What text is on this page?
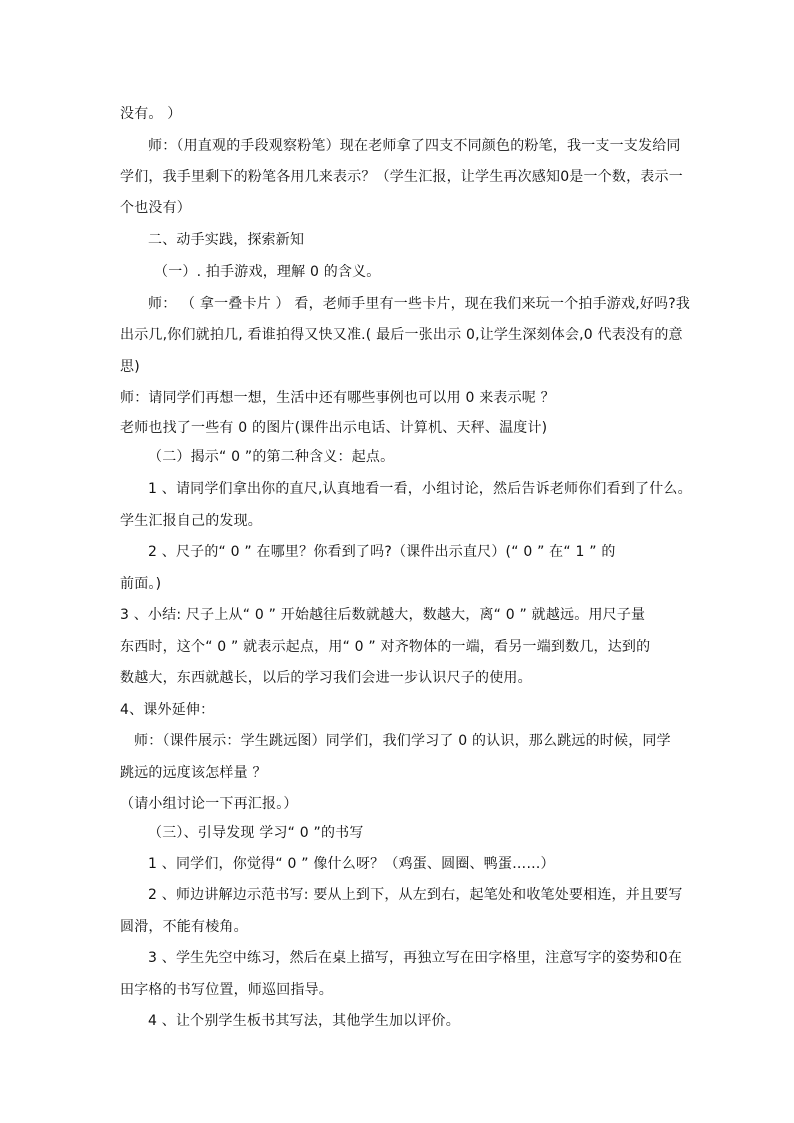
没有。 ）
师：（用直观的手段观察粉笔）现在老师拿了四支不同颜色的粉笔，我一支一支发给同
学们，我手里剩下的粉笔各用几来表示？（学生汇报，让学生再次感知0是一个数，表示一
个也没有）
二、动手实践，探索新知
（一）. 拍手游戏，理解 0 的含义。
师： （ 拿一叠卡片 ） 看，老师手里有一些卡片，现在我们来玩一个拍手游戏,好吗?我
出示几,你们就拍几, 看谁拍得又快又准.( 最后一张出示 0,让学生深刻体会,0 代表没有的意
思)
师：请同学们再想一想，生活中还有哪些事例也可以用 0 来表示呢 ？
老师也找了一些有 0 的图片(课件出示电话、计算机、天秤、温度计)
（二）揭示“ 0 ”的第二种含义：起点。
1 、请同学们拿出你的直尺,认真地看一看，小组讨论，然后告诉老师你们看到了什么。
学生汇报自己的发现。
2 、尺子的“ 0 ” 在哪里？你看到了吗?（课件出示直尺）(“ 0 ” 在“ 1 ” 的
前面。)
3 、小结: 尺子上从“ 0 ” 开始越往后数就越大，数越大，离“ 0 ” 就越远。用尺子量
东西时，这个“ 0 ” 就表示起点，用“ 0 ” 对齐物体的一端，看另一端到数几，达到的
数越大，东西就越长，以后的学习我们会进一步认识尺子的使用。
4、课外延伸：
师：（课件展示：学生跳远图）同学们，我们学习了 0 的认识，那么跳远的时候，同学
跳远的远度该怎样量 ？
（请小组讨论一下再汇报。）
（三）、引导发现 学习“ 0 ”的书写
1 、同学们，你觉得“ 0 ” 像什么呀？（鸡蛋、圆圈、鸭蛋……）
2 、师边讲解边示范书写: 要从上到下，从左到右，起笔处和收笔处要相连，并且要写
圆滑，不能有棱角。
3 、学生先空中练习，然后在桌上描写，再独立写在田字格里，注意写字的姿势和0在
田字格的书写位置，师巡回指导。
4 、让个别学生板书其写法，其他学生加以评价。
